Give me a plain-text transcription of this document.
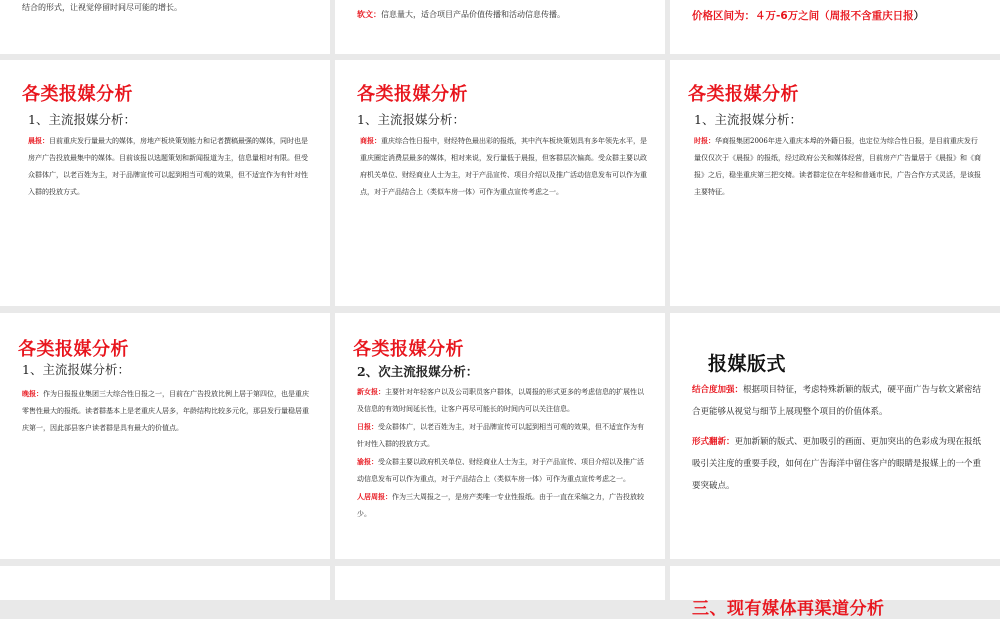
结合的形式，让视觉停留时间尽可能的增长。
软文：信息量大，适合项目产品价值传播和活动信息传播。	价格区间为：４万-6万之间（周报不含重庆日报）
各类报媒分析
1、主流报媒分析：
晨报：目前重庆发行量最大的媒体，房地产板块策划能力和记者撰稿最强的媒体，同时也是房产广告投放最集中的媒体。目前该报以选题策划和新闻报道为主，信息量相对有限。但受众群体广，以老百姓为主，对于品牌宣传可以起到相当可观的效果，但不适宜作为有针对性入群的投放方式。
各类报媒分析
1、主流报媒分析：
商报：重庆综合性日报中，财经特色最出彩的报纸，其中汽车板块策划具有多年领先水平，是重庆圈定消费层最多的媒体，相对来说，发行量低于晨报，但客群层次偏高。受众群主要以政府机关单位、财经商业人士为主，对于产品宣传、项目介绍以及推广活动信息发布可以作为重点，对于产品结合上（类似车房一体）可作为重点宣传考虑之一。
各类报媒分析
1、主流报媒分析：
时报：华商报集团2006年进入重庆本埠的外籍日报，也定位为综合性日报，是目前重庆发行量仅仅次于《晨报》的报纸，经过政府公关和媒体经营，目前房产广告量居于《晨报》和《商报》之后，稳坐重庆第三把交椅。读者群定位在年轻和普通市民，广告合作方式灵活，是该报主要特征。
各类报媒分析
1、主流报媒分析：
晚报：作为日报报业集团三大综合性日报之一，目前在广告投放比例上居于第四位，也是重庆零售性最大的报纸。读者群基本上是老重庆人居多，年龄结构比较多元化，那县发行量稳居重庆第一，因此部县客户读者群是具有最大的价值点。
各类报媒分析
2、次主流报媒分析：
新女报：主要针对年轻客户以及公司职员客户群体，以周报的形式更多的考虑信息的扩展性以及信息的有效时间延长性，让客户再尽可能长的时间内可以关注信息。
日报：受众群体广，以老百姓为主，对于品牌宣传可以起到相当可观的效果，但不适宜作为有针对性入群的投放方式。
渝报：受众群主要以政府机关单位、财经商业人士为主，对于产品宣传、项目介绍以及推广活动信息发布可以作为重点，对于产品结合上（类似车房一体）可作为重点宣传考虑之一。
人居周报：作为三大周报之一，是房产类唯一专业性报纸。由于一直在采编之力，广告投放较少。
报媒版式
结合度加强：根据项目特征，考虑特殊新颖的版式，硬平面广告与软文紧密结合更能够从视觉与细节上展现整个项目的价值体系。
形式翻新：更加新颖的版式、更加吸引的画面、更加突出的色彩成为现在报纸吸引关注度的重要手段，如何在广告海洋中留住客户的眼睛是报媒上的一个重要突破点。
三、现有媒体再渠道分析
